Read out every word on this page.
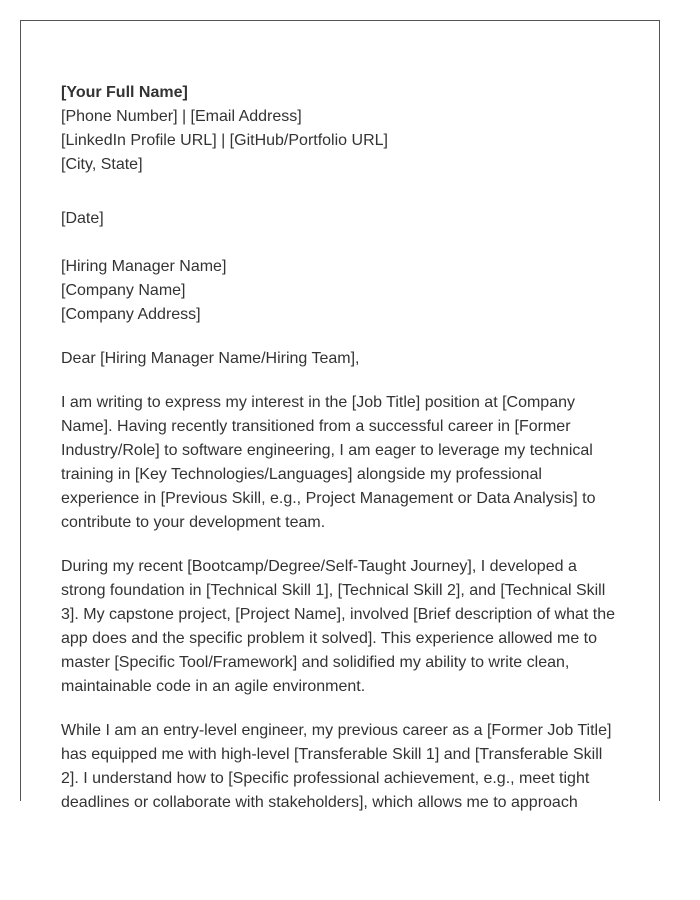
[Your Full Name]
[Phone Number] | [Email Address]
[LinkedIn Profile URL] | [GitHub/Portfolio URL]
[City, State]
[Date]
[Hiring Manager Name]
[Company Name]
[Company Address]
Dear [Hiring Manager Name/Hiring Team],
I am writing to express my interest in the [Job Title] position at [Company
Name]. Having recently transitioned from a successful career in [Former
Industry/Role] to software engineering, I am eager to leverage my technical
training in [Key Technologies/Languages] alongside my professional
experience in [Previous Skill, e.g., Project Management or Data Analysis] to
contribute to your development team.
During my recent [Bootcamp/Degree/Self-Taught Journey], I developed a
strong foundation in [Technical Skill 1], [Technical Skill 2], and [Technical Skill
3]. My capstone project, [Project Name], involved [Brief description of what the
app does and the specific problem it solved]. This experience allowed me to
master [Specific Tool/Framework] and solidified my ability to write clean,
maintainable code in an agile environment.
While I am an entry-level engineer, my previous career as a [Former Job Title]
has equipped me with high-level [Transferable Skill 1] and [Transferable Skill
2]. I understand how to [Specific professional achievement, e.g., meet tight
deadlines or collaborate with stakeholders], which allows me to approach
